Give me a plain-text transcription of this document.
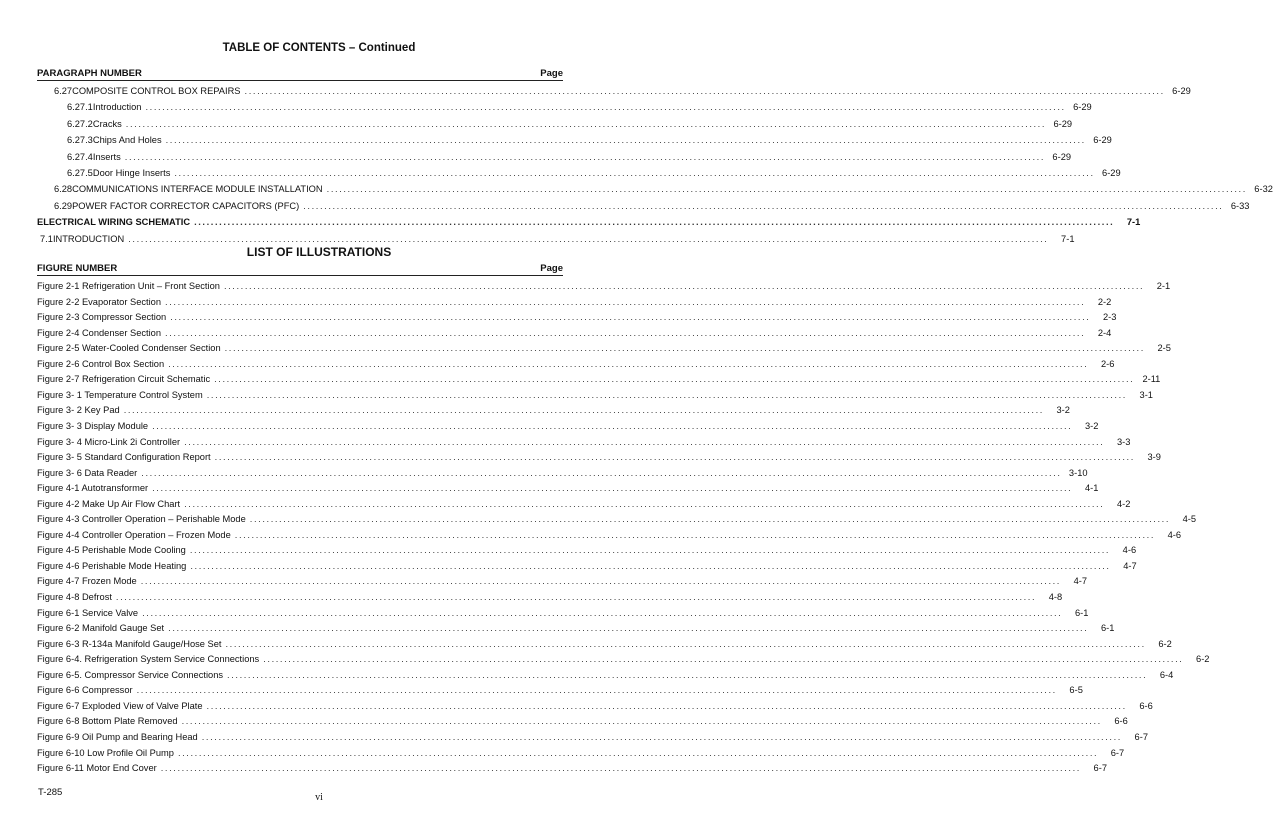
TABLE OF CONTENTS – Continued
PARAGRAPH NUMBER	Page
6.27 COMPOSITE CONTROL BOX REPAIRS ............................................................................................................................................................................................................................ 6-29
6.27.1 Introduction ............................................................................................................................................................................................................................ 6-29
6.27.2 Cracks ............................................................................................................................................................................................................................ 6-29
6.27.3 Chips And Holes ............................................................................................................................................................................................................................ 6-29
6.27.4 Inserts ............................................................................................................................................................................................................................ 6-29
6.27.5 Door Hinge Inserts ............................................................................................................................................................................................................................ 6-29
6.28 COMMUNICATIONS INTERFACE MODULE INSTALLATION ............................................................................................................................................................................................................................ 6-32
6.29 POWER FACTOR CORRECTOR CAPACITORS (PFC) ............................................................................................................................................................................................................................ 6-33
ELECTRICAL WIRING SCHEMATIC ............................................................................................................................................................................................................................	7-1
7.1 INTRODUCTION ............................................................................................................................................................................................................................	7-1
LIST OF ILLUSTRATIONS
FIGURE NUMBER	Page
Figure 2-1 Refrigeration Unit – Front Section ............................................................................................................................................................................................................................	2-1
Figure 2-2 Evaporator Section ............................................................................................................................................................................................................................	2-2
Figure 2-3 Compressor Section ............................................................................................................................................................................................................................	2-3
Figure 2-4 Condenser Section ............................................................................................................................................................................................................................	2-4
Figure 2-5 Water-Cooled Condenser Section ............................................................................................................................................................................................................................	2-5
Figure 2-6 Control Box Section ............................................................................................................................................................................................................................	2-6
Figure 2-7 Refrigeration Circuit Schematic ............................................................................................................................................................................................................................ 2-11
Figure 3- 1 Temperature Control System ............................................................................................................................................................................................................................	3-1
Figure 3- 2 Key Pad ............................................................................................................................................................................................................................	3-2
Figure 3- 3 Display Module ............................................................................................................................................................................................................................	3-2
Figure 3- 4 Micro-Link 2i Controller ............................................................................................................................................................................................................................	3-3
Figure 3- 5 Standard Configuration Report ............................................................................................................................................................................................................................	3-9
Figure 3- 6 Data Reader ............................................................................................................................................................................................................................ 3-10
Figure 4-1 Autotransformer ............................................................................................................................................................................................................................	4-1
Figure 4-2 Make Up Air Flow Chart ............................................................................................................................................................................................................................	4-2
Figure 4-3 Controller Operation – Perishable Mode ............................................................................................................................................................................................................................	4-5
Figure 4-4 Controller Operation – Frozen Mode ............................................................................................................................................................................................................................	4-6
Figure 4-5 Perishable Mode Cooling ............................................................................................................................................................................................................................	4-6
Figure 4-6 Perishable Mode Heating ............................................................................................................................................................................................................................	4-7
Figure 4-7 Frozen Mode ............................................................................................................................................................................................................................	4-7
Figure 4-8 Defrost ............................................................................................................................................................................................................................	4-8
Figure 6-1 Service Valve ............................................................................................................................................................................................................................	6-1
Figure 6-2 Manifold Gauge Set ............................................................................................................................................................................................................................	6-1
Figure 6-3 R-134a Manifold Gauge/Hose Set ............................................................................................................................................................................................................................	6-2
Figure 6-4. Refrigeration System Service Connections ............................................................................................................................................................................................................................	6-2
Figure 6-5. Compressor Service Connections ............................................................................................................................................................................................................................	6-4
Figure 6-6 Compressor ............................................................................................................................................................................................................................	6-5
Figure 6-7 Exploded View of Valve Plate ............................................................................................................................................................................................................................	6-6
Figure 6-8 Bottom Plate Removed ............................................................................................................................................................................................................................	6-6
Figure 6-9 Oil Pump and Bearing Head ............................................................................................................................................................................................................................	6-7
Figure 6-10 Low Profile Oil Pump ............................................................................................................................................................................................................................	6-7
Figure 6-11 Motor End Cover ............................................................................................................................................................................................................................	6-7
T-285	vi
